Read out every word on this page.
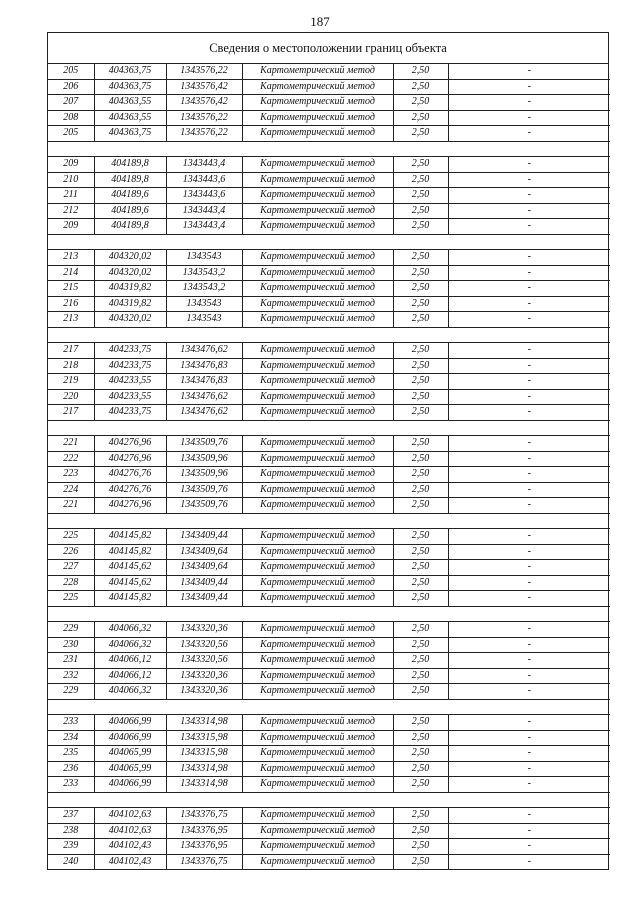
187
Сведения о местоположении границ объекта
205	404363,75	1343576,22	Картометрический метод	2,50	-
206	404363,75	1343576,42	Картометрический метод	2,50	-
207	404363,55	1343576,42	Картометрический метод	2,50	-
208	404363,55	1343576,22	Картометрический метод	2,50	-
205	404363,75	1343576,22	Картометрический метод	2,50	-

209	404189,8	1343443,4	Картометрический метод	2,50	-
210	404189,8	1343443,6	Картометрический метод	2,50	-
211	404189,6	1343443,6	Картометрический метод	2,50	-
212	404189,6	1343443,4	Картометрический метод	2,50	-
209	404189,8	1343443,4	Картометрический метод	2,50	-

213	404320,02	1343543	Картометрический метод	2,50	-
214	404320,02	1343543,2	Картометрический метод	2,50	-
215	404319,82	1343543,2	Картометрический метод	2,50	-
216	404319,82	1343543	Картометрический метод	2,50	-
213	404320,02	1343543	Картометрический метод	2,50	-

217	404233,75	1343476,62	Картометрический метод	2,50	-
218	404233,75	1343476,83	Картометрический метод	2,50	-
219	404233,55	1343476,83	Картометрический метод	2,50	-
220	404233,55	1343476,62	Картометрический метод	2,50	-
217	404233,75	1343476,62	Картометрический метод	2,50	-

221	404276,96	1343509,76	Картометрический метод	2,50	-
222	404276,96	1343509,96	Картометрический метод	2,50	-
223	404276,76	1343509,96	Картометрический метод	2,50	-
224	404276,76	1343509,76	Картометрический метод	2,50	-
221	404276,96	1343509,76	Картометрический метод	2,50	-

225	404145,82	1343409,44	Картометрический метод	2,50	-
226	404145,82	1343409,64	Картометрический метод	2,50	-
227	404145,62	1343409,64	Картометрический метод	2,50	-
228	404145,62	1343409,44	Картометрический метод	2,50	-
225	404145,82	1343409,44	Картометрический метод	2,50	-

229	404066,32	1343320,36	Картометрический метод	2,50	-
230	404066,32	1343320,56	Картометрический метод	2,50	-
231	404066,12	1343320,56	Картометрический метод	2,50	-
232	404066,12	1343320,36	Картометрический метод	2,50	-
229	404066,32	1343320,36	Картометрический метод	2,50	-

233	404066,99	1343314,98	Картометрический метод	2,50	-
234	404066,99	1343315,98	Картометрический метод	2,50	-
235	404065,99	1343315,98	Картометрический метод	2,50	-
236	404065,99	1343314,98	Картометрический метод	2,50	-
233	404066,99	1343314,98	Картометрический метод	2,50	-

237	404102,63	1343376,75	Картометрический метод	2,50	-
238	404102,63	1343376,95	Картометрический метод	2,50	-
239	404102,43	1343376,95	Картометрический метод	2,50	-
240	404102,43	1343376,75	Картометрический метод	2,50	-
